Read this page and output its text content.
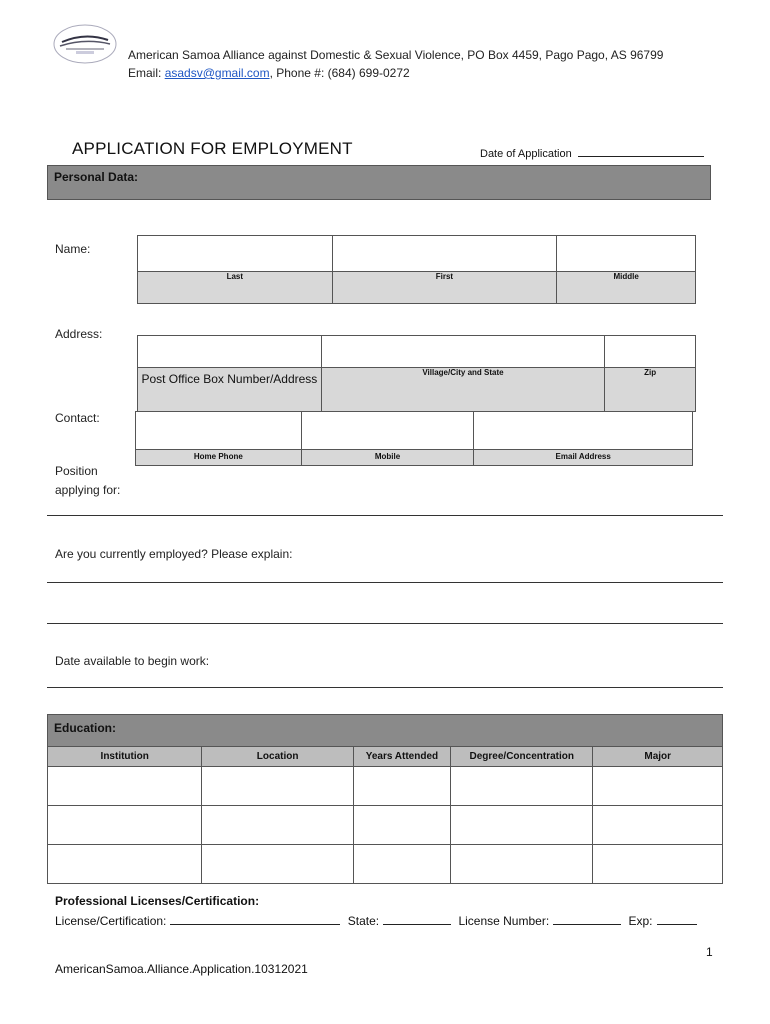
American Samoa Alliance against Domestic & Sexual Violence, PO Box 4459, Pago Pago, AS 96799
Email: asadsv@gmail.com, Phone #: (684) 699-0272
APPLICATION FOR EMPLOYMENT	Date of Application
Personal Data:
Name:

Last	First	Middle
Address:

Post Office Box Number/Address	Village/City and State	Zip
Contact:

Home Phone	Mobile	Email Address
Position applying for:
Are you currently employed? Please explain:
Date available to begin work:
Education:
Institution	Location	Years Attended	Degree/Concentration	Major

Professional Licenses/Certification:
License/Certification:	State:	License Number:	Exp:
1
AmericanSamoa.Alliance.Application.10312021
